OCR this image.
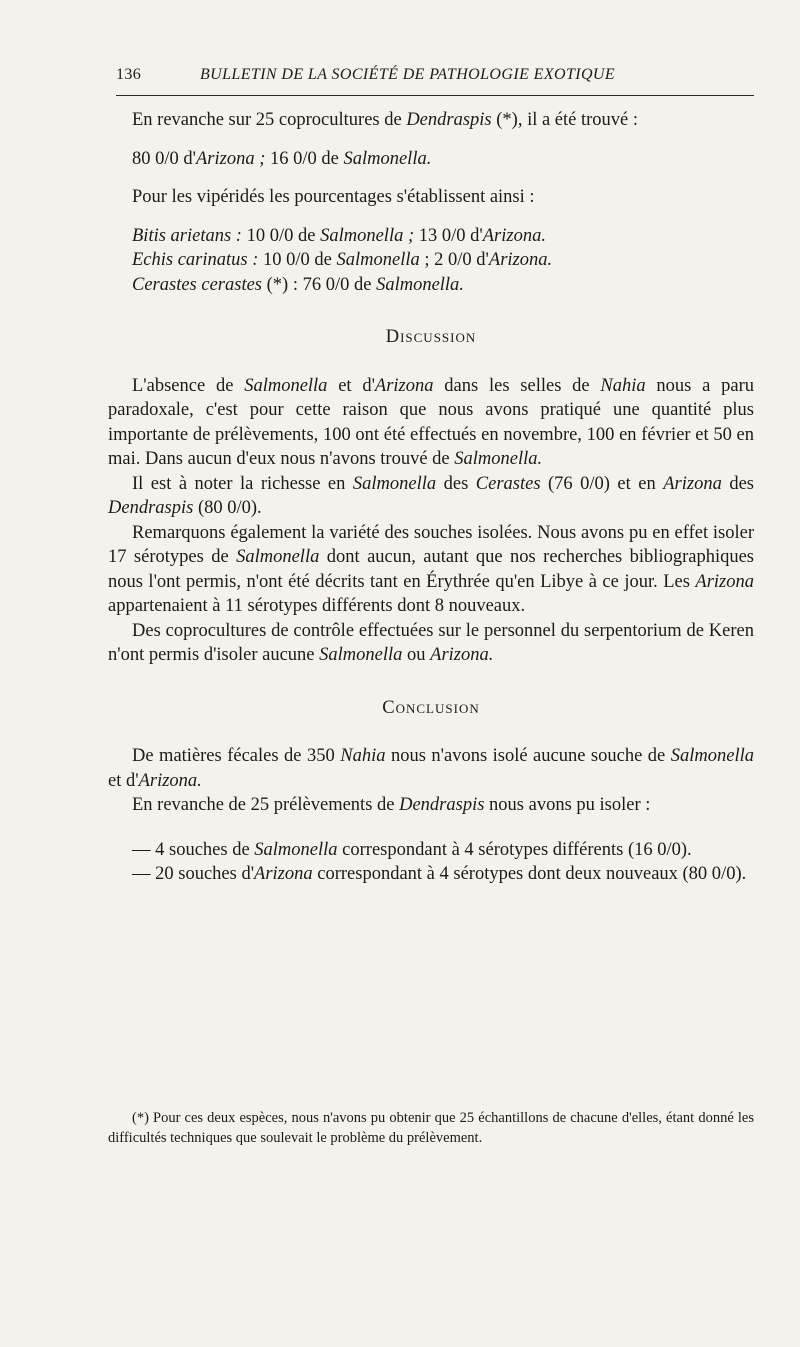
136	BULLETIN DE LA SOCIÉTÉ DE PATHOLOGIE EXOTIQUE

En revanche sur 25 coprocultures de Dendraspis (*), il a été trouvé :

80 0/0 d'Arizona ; 16 0/0 de Salmonella.

Pour les vipéridés les pourcentages s'établissent ainsi :

Bitis arietans : 10 0/0 de Salmonella ; 13 0/0 d'Arizona.

Echis carinatus : 10 0/0 de Salmonella ; 2 0/0 d'Arizona.

Cerastes cerastes (*) : 76 0/0 de Salmonella.

Discussion

L'absence de Salmonella et d'Arizona dans les selles de Nahia nous a paru paradoxale, c'est pour cette raison que nous avons pratiqué une quantité plus importante de prélèvements, 100 ont été effectués en novembre, 100 en février et 50 en mai. Dans aucun d'eux nous n'avons trouvé de Salmonella.

Il est à noter la richesse en Salmonella des Cerastes (76 0/0) et en Arizona des Dendraspis (80 0/0).

Remarquons également la variété des souches isolées. Nous avons pu en effet isoler 17 sérotypes de Salmonella dont aucun, autant que nos recherches bibliographiques nous l'ont permis, n'ont été décrits tant en Érythrée qu'en Libye à ce jour. Les Arizona appartenaient à 11 sérotypes différents dont 8 nouveaux.

Des coprocultures de contrôle effectuées sur le personnel du serpentorium de Keren n'ont permis d'isoler aucune Salmonella ou Arizona.

Conclusion

De matières fécales de 350 Nahia nous n'avons isolé aucune souche de Salmonella et d'Arizona.

En revanche de 25 prélèvements de Dendraspis nous avons pu isoler :

— 4 souches de Salmonella correspondant à 4 sérotypes différents (16 0/0).

— 20 souches d'Arizona correspondant à 4 sérotypes dont deux nouveaux (80 0/0).

(*) Pour ces deux espèces, nous n'avons pu obtenir que 25 échantillons de chacune d'elles, étant donné les difficultés techniques que soulevait le problème du prélèvement.
